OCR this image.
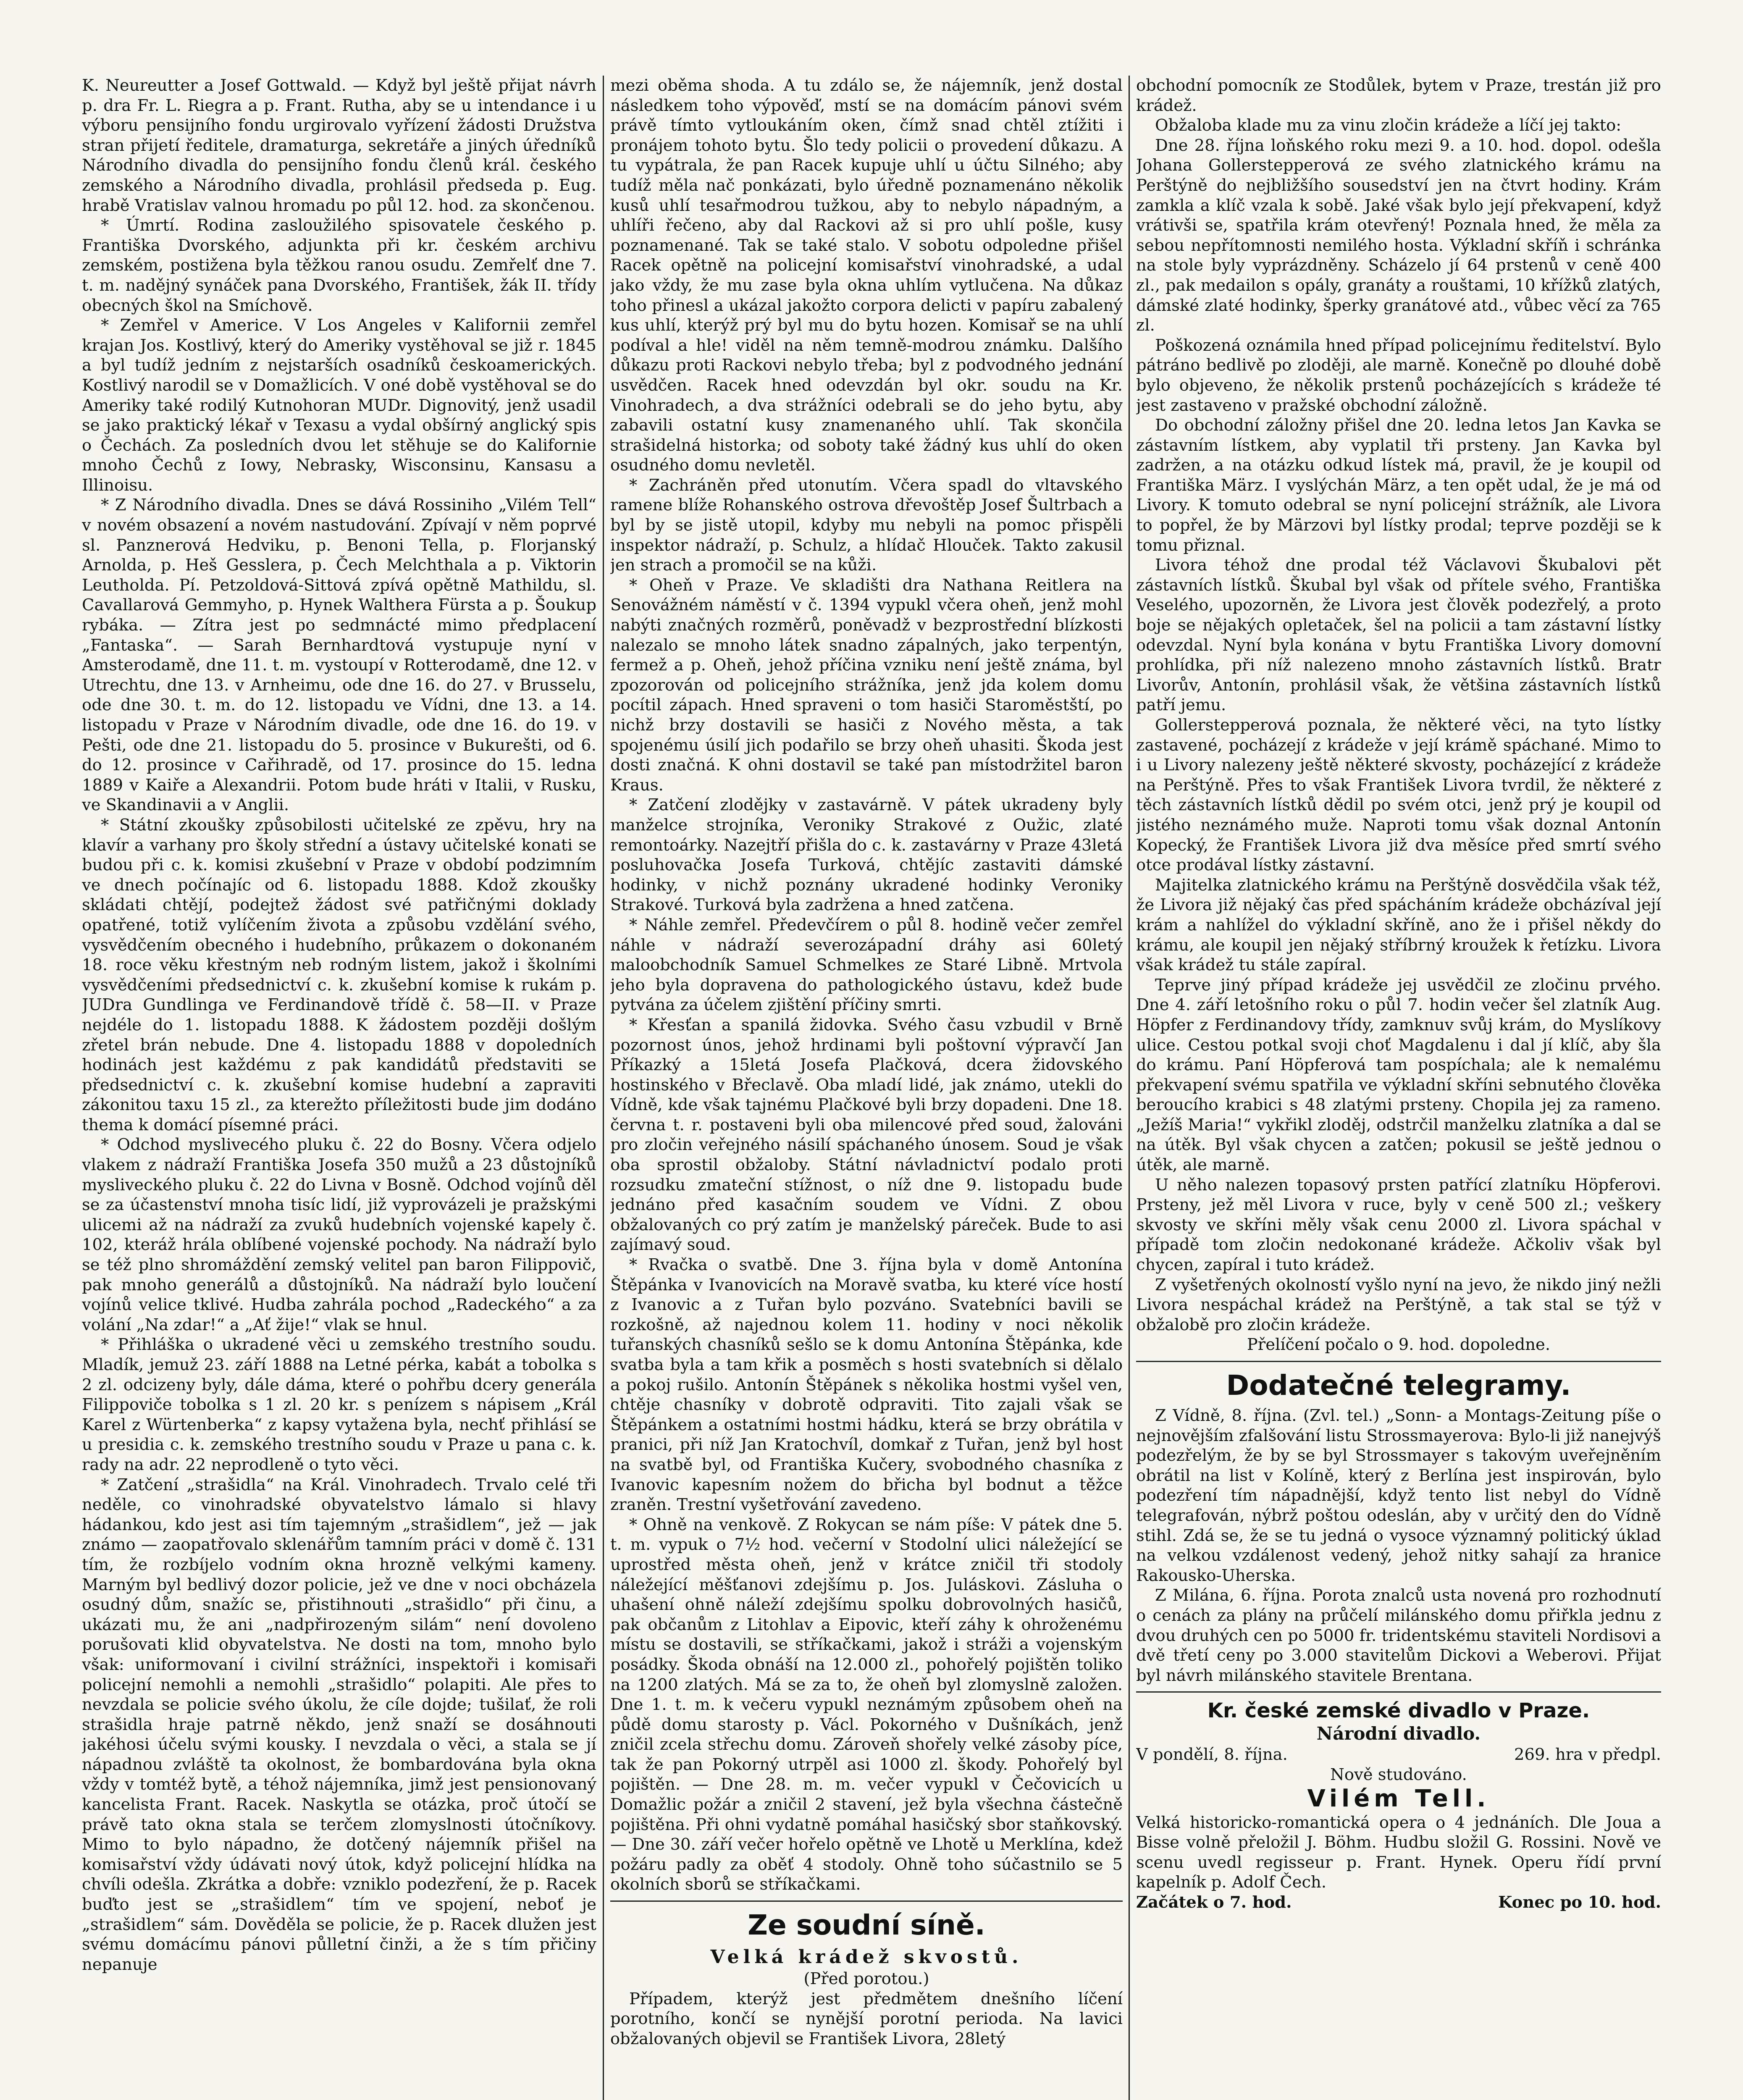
K. Neureutter a Josef Gottwald. — Když byl ještě přijat návrh p. dra Fr. L. Riegra a p. Frant. Rutha, aby se u intendance i u výboru pensijního fondu urgirovalo vyřízení žádosti Družstva stran přijetí ředitele, dramaturga, sekretáře a jiných úředníků Národního divadla do pensijního fondu členů král. českého zemského a Národního divadla, prohlásil předseda p. Eug. hrabě Vratislav valnou hromadu po půl 12. hod. za skončenou.

* Úmrtí. Rodina zasloužilého spisovatele českého p. Františka Dvorského, adjunkta při kr. českém archivu zemském, postižena byla těžkou ranou osudu. Zemřelť dne 7. t. m. nadějný synáček pana Dvorského, František, žák II. třídy obecných škol na Smíchově.

* Zemřel v Americe. V Los Angeles v Kalifornii zemřel krajan Jos. Kostlivý, který do Ameriky vystěhoval se již r. 1845 a byl tudíž jedním z nejstarších osadníků českoamerických. Kostlivý narodil se v Domažlicích. V oné době vystěhoval se do Ameriky také rodilý Kutnohoran MUDr. Dignovitý, jenž usadil se jako praktický lékař v Texasu a vydal obšírný anglický spis o Čechách. Za posledních dvou let stěhuje se do Kalifornie mnoho Čechů z Iowy, Nebrasky, Wisconsinu, Kansasu a Illinoisu.

* Z Národního divadla. Dnes se dává Rossiniho „Vilém Tell“ v novém obsazení a novém nastudování. Zpívají v něm poprvé sl. Panznerová Hedviku, p. Benoni Tella, p. Florjanský Arnolda, p. Heš Gesslera, p. Čech Melchthala a p. Viktorin Leutholda. Pí. Petzoldová-Sittová zpívá opětně Mathildu, sl. Cavallarová Gemmyho, p. Hynek Walthera Fürsta a p. Šoukup rybáka. — Zítra jest po sedmnácté mimo předplacení „Fantaska“. — Sarah Bernhardtová vystupuje nyní v Amsterodamě, dne 11. t. m. vystoupí v Rotterodamě, dne 12. v Utrechtu, dne 13. v Arnheimu, ode dne 16. do 27. v Brusselu, ode dne 30. t. m. do 12. listopadu ve Vídni, dne 13. a 14. listopadu v Praze v Národním divadle, ode dne 16. do 19. v Pešti, ode dne 21. listopadu do 5. prosince v Bukurešti, od 6. do 12. prosince v Cařihradě, od 17. prosince do 15. ledna 1889 v Kaiře a Alexandrii. Potom bude hráti v Italii, v Rusku, ve Skandinavii a v Anglii.

* Státní zkoušky způsobilosti učitelské ze zpěvu, hry na klavír a varhany pro školy střední a ústavy učitelské konati se budou při c. k. komisi zkušební v Praze v období podzimním ve dnech počínajíc od 6. listopadu 1888. Kdož zkoušky skládati chtějí, podejtež žádost své patřičnými doklady opatřené, totiž vylíčením života a způsobu vzdělání svého, vysvědčením obecného i hudebního, průkazem o dokonaném 18. roce věku křestným neb rodným listem, jakož i školními vysvědčeními předsednictví c. k. zkušební komise k rukám p. JUDra Gundlinga ve Ferdinandově třídě č. 58—II. v Praze nejdéle do 1. listopadu 1888. K žádostem později došlým zřetel brán nebude. Dne 4. listopadu 1888 v dopoledních hodinách jest každému z pak kandidátů představiti se předsednictví c. k. zkušební komise hudební a zapraviti zákonitou taxu 15 zl., za kterežto příležitosti bude jim dodáno thema k domácí písemné práci.

* Odchod myslivecého pluku č. 22 do Bosny. Včera odjelo vlakem z nádraží Františka Josefa 350 mužů a 23 důstojníků mysliveckého pluku č. 22 do Livna v Bosně. Odchod vojínů děl se za účastenství mnoha tisíc lidí, již vyprovázeli je pražskými ulicemi až na nádraží za zvuků hudebních vojenské kapely č. 102, kteráž hrála oblíbené vojenské pochody. Na nádraží bylo se též plno shromáždění zemský velitel pan baron Filippovič, pak mnoho generálů a důstojníků. Na nádraží bylo loučení vojínů velice tklivé. Hudba zahrála pochod „Radeckého“ a za volání „Na zdar!“ a „Ať žije!“ vlak se hnul.

* Přihláška o ukradené věci u zemského trestního soudu. Mladík, jemuž 23. září 1888 na Letné pérka, kabát a tobolka s 2 zl. odcizeny byly, dále dáma, které o pohřbu dcery generála Filippoviče tobolka s 1 zl. 20 kr. s penízem s nápisem „Král Karel z Würtenberka“ z kapsy vytažena byla, nechť přihlásí se u presidia c. k. zemského trestního soudu v Praze u pana c. k. rady na adr. 22 neprodleně o tyto věci.

* Zatčení „strašidla“ na Král. Vinohradech. Trvalo celé tři neděle, co vinohradské obyvatelstvo lámalo si hlavy hádankou, kdo jest asi tím tajemným „strašidlem“, jež — jak známo — zaopatřovalo sklenářům tamním práci v domě č. 131 tím, že rozbíjelo vodním okna hrozně velkými kameny. Marným byl bedlivý dozor policie, jež ve dne v noci obcházela osudný dům, snažíc se, přistihnouti „strašidlo“ při činu, a ukázati mu, že ani „nadpřirozeným silám“ není dovoleno porušovati klid obyvatelstva. Ne dosti na tom, mnoho bylo však: uniformovaní i civilní strážníci, inspektoři i komisaři policejní nemohli a nemohli „strašidlo“ polapiti. Ale přes to nevzdala se policie svého úkolu, že cíle dojde; tušilať, že roli strašidla hraje patrně někdo, jenž snaží se dosáhnouti jakéhosi účelu svými kousky. I nevzdala o věci, a stala se jí nápadnou zvláště ta okolnost, že bombardována byla okna vždy v tomtéž bytě, a téhož nájemníka, jimž jest pensionovaný kancelista Frant. Racek. Naskytla se otázka, proč útočí se právě tato okna stala se terčem zlomyslnosti útočníkovy. Mimo to bylo nápadno, že dotčený nájemník přišel na komisařství vždy údávati nový útok, když policejní hlídka na chvíli odešla. Zkrátka a dobře: vzniklo podezření, že p. Racek buďto jest se „strašidlem“ tím ve spojení, neboť je „strašidlem“ sám. Dověděla se policie, že p. Racek dlužen jest svému domácímu pánovi půlletní činži, a že s tím přičiny nepanuje

mezi oběma shoda. A tu zdálo se, že nájemník, jenž dostal následkem toho výpověď, mstí se na domácím pánovi svém právě tímto vytloukáním oken, čímž snad chtěl ztížiti i pronájem tohoto bytu. Šlo tedy policii o provedení důkazu. A tu vypátrala, že pan Racek kupuje uhlí u účtu Silného; aby tudíž měla nač ponkázati, bylo úředně poznamenáno několik kusů uhlí tesařmodrou tužkou, aby to nebylo nápadným, a uhlíři řečeno, aby dal Rackovi až si pro uhlí pošle, kusy poznamenané. Tak se také stalo. V sobotu odpoledne přišel Racek opětně na policejní komisařství vinohradské, a udal jako vždy, že mu zase byla okna uhlím vytlučena. Na důkaz toho přinesl a ukázal jakožto corpora delicti v papíru zabalený kus uhlí, kterýž prý byl mu do bytu hozen. Komisař se na uhlí podíval a hle! viděl na něm temně-modrou známku. Dalšího důkazu proti Rackovi nebylo třeba; byl z podvodného jednání usvědčen. Racek hned odevzdán byl okr. soudu na Kr. Vinohradech, a dva strážníci odebrali se do jeho bytu, aby zabavili ostatní kusy znamenaného uhlí. Tak skončila strašidelná historka; od soboty také žádný kus uhlí do oken osudného domu nevletěl.

* Zachráněn před utonutím. Včera spadl do vltavského ramene blíže Rohanského ostrova dřevoštěp Josef Šultrbach a byl by se jistě utopil, kdyby mu nebyli na pomoc přispěli inspektor nádraží, p. Schulz, a hlídač Hlouček. Takto zakusil jen strach a promočil se na kůži.

* Oheň v Praze. Ve skladišti dra Nathana Reitlera na Senovážném náměstí v č. 1394 vypukl včera oheň, jenž mohl nabýti značných rozměrů, poněvadž v bezprostřední blízkosti nalezalo se mnoho látek snadno zápalných, jako terpentýn, fermež a p. Oheň, jehož příčina vzniku není ještě známa, byl zpozorován od policejního strážníka, jenž jda kolem domu pocítil zápach. Hned spraveni o tom hasiči Staroměstští, po nichž brzy dostavili se hasiči z Nového města, a tak spojenému úsilí jich podařilo se brzy oheň uhasiti. Škoda jest dosti značná. K ohni dostavil se také pan místodržitel baron Kraus.

* Zatčení zlodějky v zastavárně. V pátek ukradeny byly manželce strojníka, Veroniky Strakové z Oužic, zlaté remontoárky. Nazejtří přišla do c. k. zastavárny v Praze 43letá posluhovačka Josefa Turková, chtějíc zastaviti dámské hodinky, v nichž poznány ukradené hodinky Veroniky Strakové. Turková byla zadržena a hned zatčena.

* Náhle zemřel. Předevčírem o půl 8. hodině večer zemřel náhle v nádraží severozápadní dráhy asi 60letý maloobchodník Samuel Schmelkes ze Staré Libně. Mrtvola jeho byla dopravena do pathologického ústavu, kdež bude pytvána za účelem zjištění příčiny smrti.

* Křesťan a spanilá židovka. Svého času vzbudil v Brně pozornost únos, jehož hrdinami byli poštovní výpravčí Jan Příkazký a 15letá Josefa Plačková, dcera židovského hostinského v Břeclavě. Oba mladí lidé, jak známo, utekli do Vídně, kde však tajnému Plačkové byli brzy dopadeni. Dne 18. června t. r. postaveni byli oba milencové před soud, žalováni pro zločin veřejného násilí spáchaného únosem. Soud je však oba sprostil obžaloby. Státní návladnictví podalo proti rozsudku zmateční stížnost, o níž dne 9. listopadu bude jednáno před kasačním soudem ve Vídni. Z obou obžalovaných co prý zatím je manželský páreček. Bude to asi zajímavý soud.

* Rvačka o svatbě. Dne 3. října byla v domě Antonína Štěpánka v Ivanovicích na Moravě svatba, ku které více hostí z Ivanovic a z Tuřan bylo pozváno. Svatebníci bavili se rozkošně, až najednou kolem 11. hodiny v noci několik tuřanských chasníků sešlo se k domu Antonína Štěpánka, kde svatba byla a tam křik a posměch s hosti svatebních si dělalo a pokoj rušilo. Antonín Štěpánek s několika hostmi vyšel ven, chtěje chasníky v dobrotě odpraviti. Tito zajali však se Štěpánkem a ostatními hostmi hádku, která se brzy obrátila v pranici, při níž Jan Kratochvíl, domkař z Tuřan, jenž byl host na svatbě byl, od Františka Kučery, svobodného chasníka z Ivanovic kapesním nožem do břicha byl bodnut a těžce zraněn. Trestní vyšetřování zavedeno.

* Ohně na venkově. Z Rokycan se nám píše: V pátek dne 5. t. m. vypuk o 7½ hod. večerní v Stodolní ulici náležející se uprostřed města oheň, jenž v krátce zničil tři stodoly náležející měšťanovi zdejšímu p. Jos. Juláskovi. Zásluha o uhašení ohně náleží zdejšímu spolku dobrovolných hasičů, pak občanům z Litohlav a Eipovic, kteří záhy k ohroženému místu se dostavili, se stříkačkami, jakož i stráži a vojenským posádky. Škoda obnáší na 12.000 zl., pohořelý pojištěn toliko na 1200 zlatých. Má se za to, že oheň byl zlomyslně založen. Dne 1. t. m. k večeru vypukl neznámým způsobem oheň na půdě domu starosty p. Václ. Pokorného v Dušníkách, jenž zničil zcela střechu domu. Zároveň shořely velké zásoby píce, tak že pan Pokorný utrpěl asi 1000 zl. škody. Pohořelý byl pojištěn. — Dne 28. m. m. večer vypukl v Čečovicích u Domažlic požár a zničil 2 stavení, jež byla všechna částečně pojištěna. Při ohni vydatně pomáhal hasičský sbor staňkovský. — Dne 30. září večer hořelo opětně ve Lhotě u Merklína, kdež požáru padly za oběť 4 stodoly. Ohně toho súčastnilo se 5 okolních sborů se stříkačkami.

Ze soudní síně.
Velká krádež skvostů.

(Před porotou.)

Případem, kterýž jest předmětem dnešního líčení porotního, končí se nynější porotní perioda. Na lavici obžalovaných objevil se František Livora, 28letý

obchodní pomocník ze Stodůlek, bytem v Praze, trestán již pro krádež.

Obžaloba klade mu za vinu zločin krádeže a líčí jej takto:

Dne 28. října loňského roku mezi 9. a 10. hod. dopol. odešla Johana Gollerstepperová ze svého zlatnického krámu na Perštýně do nejbližšího sousedství jen na čtvrt hodiny. Krám zamkla a klíč vzala k sobě. Jaké však bylo její překvapení, když vrátivši se, spatřila krám otevřený! Poznala hned, že měla za sebou nepřítomnosti nemilého hosta. Výkladní skříň i schránka na stole byly vyprázdněny. Scházelo jí 64 prstenů v ceně 400 zl., pak medailon s opály, granáty a rouštami, 10 křížků zlatých, dámské zlaté hodinky, šperky granátové atd., vůbec věcí za 765 zl.

Poškozená oznámila hned případ policejnímu ředitelství. Bylo pátráno bedlivě po zloději, ale marně. Konečně po dlouhé době bylo objeveno, že několik prstenů pocházejících s krádeže té jest zastaveno v pražské obchodní záložně.

Do obchodní záložny přišel dne 20. ledna letos Jan Kavka se zástavním lístkem, aby vyplatil tři prsteny. Jan Kavka byl zadržen, a na otázku odkud lístek má, pravil, že je koupil od Františka März. I vyslýchán März, a ten opět udal, že je má od Livory. K tomuto odebral se nyní policejní strážník, ale Livora to popřel, že by Märzovi byl lístky prodal; teprve později se k tomu přiznal.

Livora téhož dne prodal též Václavovi Škubalovi pět zástavních lístků. Škubal byl však od přítele svého, Františka Veselého, upozorněn, že Livora jest člověk podezřelý, a proto boje se nějakých opletaček, šel na policii a tam zástavní lístky odevzdal. Nyní byla konána v bytu Františka Livory domovní prohlídka, při níž nalezeno mnoho zástavních lístků. Bratr Livorův, Antonín, prohlásil však, že většina zástavních lístků patří jemu.

Gollerstepperová poznala, že některé věci, na tyto lístky zastavené, pocházejí z krádeže v její krámě spáchané. Mimo to i u Livory nalezeny ještě některé skvosty, pocházející z krádeže na Perštýně. Přes to však František Livora tvrdil, že některé z těch zástavních lístků dědil po svém otci, jenž prý je koupil od jistého neznámého muže. Naproti tomu však doznal Antonín Kopecký, že František Livora již dva měsíce před smrtí svého otce prodával lístky zástavní.

Majitelka zlatnického krámu na Perštýně dosvědčila však též, že Livora již nějaký čas před spácháním krádeže obcházíval její krám a nahlížel do výkladní skříně, ano že i přišel někdy do krámu, ale koupil jen nějaký stříbrný kroužek k řetízku. Livora však krádež tu stále zapíral.

Teprve jiný případ krádeže jej usvědčil ze zločinu prvého. Dne 4. září letošního roku o půl 7. hodin večer šel zlatník Aug. Höpfer z Ferdinandovy třídy, zamknuv svůj krám, do Myslíkovy ulice. Cestou potkal svoji choť Magdalenu i dal jí klíč, aby šla do krámu. Paní Höpferová tam pospíchala; ale k nemalému překvapení svému spatřila ve výkladní skříni sebnutého člověka beroucího krabici s 48 zlatými prsteny. Chopila jej za rameno. „Ježíš Maria!“ vykřikl zloděj, odstrčil manželku zlatníka a dal se na útěk. Byl však chycen a zatčen; pokusil se ještě jednou o útěk, ale marně.

U něho nalezen topasový prsten patřící zlatníku Höpferovi. Prsteny, jež měl Livora v ruce, byly v ceně 500 zl.; veškery skvosty ve skříni měly však cenu 2000 zl. Livora spáchal v případě tom zločin nedokonané krádeže. Ačkoliv však byl chycen, zapíral i tuto krádež.

Z vyšetřených okolností vyšlo nyní na jevo, že nikdo jiný nežli Livora nespáchal krádež na Perštýně, a tak stal se týž v obžalobě pro zločin krádeže.

Přelíčení počalo o 9. hod. dopoledne.

Dodatečné telegramy.

Z Vídně, 8. října. (Zvl. tel.) „Sonn- a Montags-Zeitung píše o nejnovějším zfalšování listu Strossmayerova: Bylo-li již nanejvýš podezřelým, že by se byl Strossmayer s takovým uveřejněním obrátil na list v Kolíně, který z Berlína jest inspirován, bylo podezření tím nápadnější, když tento list nebyl do Vídně telegrafován, nýbrž poštou odeslán, aby v určitý den do Vídně stihl. Zdá se, že se tu jedná o vysoce významný politický úklad na velkou vzdálenost vedený, jehož nitky sahají za hranice Rakousko-Uherska.

Z Milána, 6. října. Porota znalců usta novená pro rozhodnutí o cenách za plány na průčelí milánského domu přiřkla jednu z dvou druhých cen po 5000 fr. tridentskému staviteli Nordisovi a dvě třetí ceny po 3.000 stavitelům Dickovi a Weberovi. Přijat byl návrh milánského stavitele Brentana.

Kr. české zemské divadlo v Praze.
Národní divadlo.
V pondělí, 8. října.	269. hra v předpl.

Nově studováno.

Vilém Tell.

Velká historicko-romantická opera o 4 jednáních. Dle Joua a Bisse volně přeložil J. Böhm. Hudbu složil G. Rossini. Nově ve scenu uvedl regisseur p. Frant. Hynek. Operu řídí první kapelník p. Adolf Čech.

Začátek o 7. hod.	Konec po 10. hod.
